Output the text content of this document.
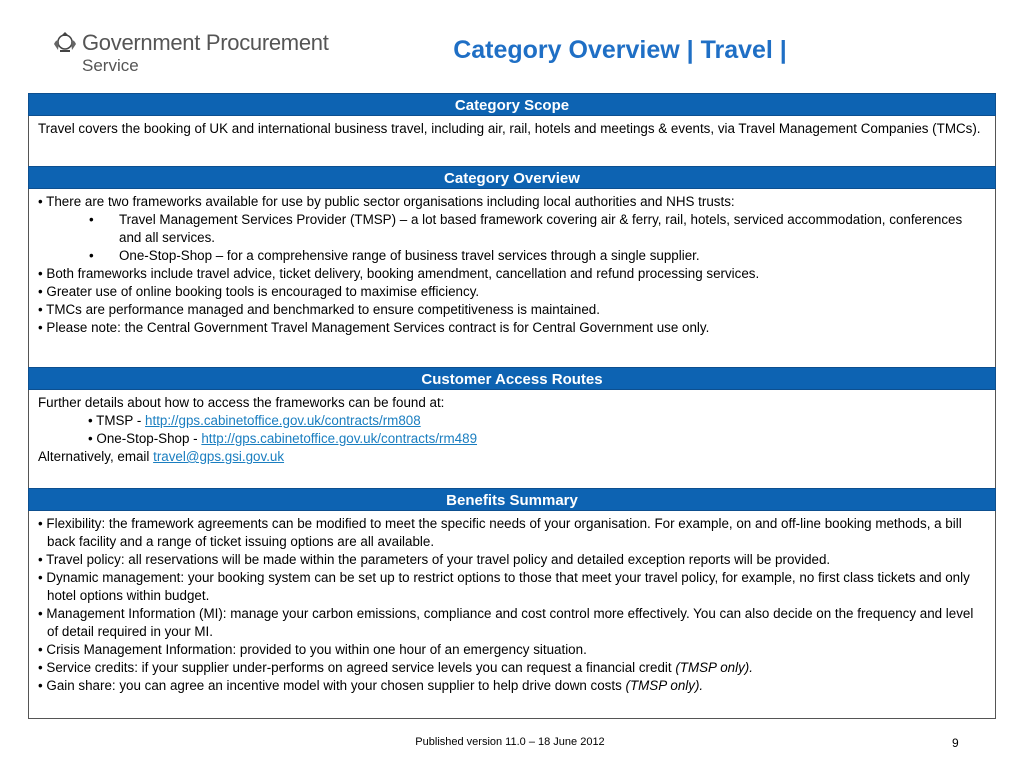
Government Procurement
Service
Category Overview | Travel |
Category Scope

Travel covers the booking of UK and international business travel, including air, rail, hotels and meetings & events, via Travel Management Companies (TMCs).

Category Overview

• There are two frameworks available for use by public sector organisations including local authorities and NHS trusts:

• Travel Management Services Provider (TMSP) – a lot based framework covering air & ferry, rail, hotels, serviced accommodation, conferences and all services.
• One-Stop-Shop – for a comprehensive range of business travel services through a single supplier.

• Both frameworks include travel advice, ticket delivery, booking amendment, cancellation and refund processing services.

• Greater use of online booking tools is encouraged to maximise efficiency.

• TMCs are performance managed and benchmarked to ensure competitiveness is maintained.

• Please note: the Central Government Travel Management Services contract is for Central Government use only.

Customer Access Routes

Further details about how to access the frameworks can be found at:

• TMSP - http://gps.cabinetoffice.gov.uk/contracts/rm808

• One-Stop-Shop - http://gps.cabinetoffice.gov.uk/contracts/rm489

Alternatively, email travel@gps.gsi.gov.uk

Benefits Summary

• Flexibility: the framework agreements can be modified to meet the specific needs of your organisation. For example, on and off-line booking methods, a bill back facility and a range of ticket issuing options are all available.

• Travel policy: all reservations will be made within the parameters of your travel policy and detailed exception reports will be provided.

• Dynamic management: your booking system can be set up to restrict options to those that meet your travel policy, for example, no first class tickets and only hotel options within budget.

• Management Information (MI): manage your carbon emissions, compliance and cost control more effectively. You can also decide on the frequency and level of detail required in your MI.

• Crisis Management Information: provided to you within one hour of an emergency situation.

• Service credits: if your supplier under-performs on agreed service levels you can request a financial credit (TMSP only).

• Gain share: you can agree an incentive model with your chosen supplier to help drive down costs (TMSP only).

Published version 11.0 – 18 June 2012	9
